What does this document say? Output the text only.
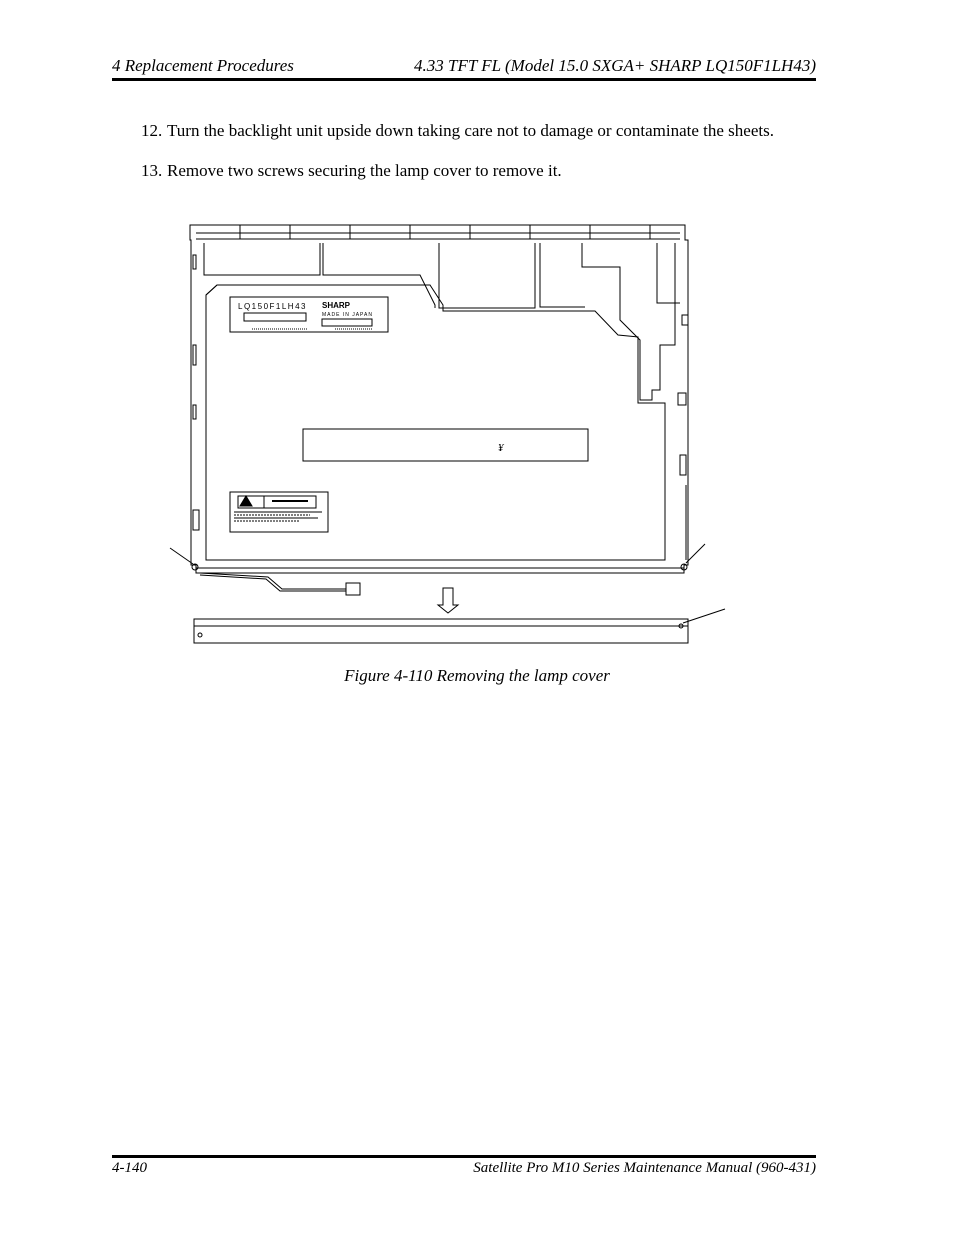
4 Replacement Procedures	4.33 TFT FL (Model 15.0 SXGA+ SHARP LQ150F1LH43)
12. Turn the backlight unit upside down taking care not to damage or contaminate the sheets.
13. Remove two screws securing the lamp cover to remove it.
LQ150F1LH43 SHARP
MADE IN JAPAN
¥
Figure 4-110 Removing the lamp cover
4-140	Satellite Pro M10 Series Maintenance Manual (960-431)
